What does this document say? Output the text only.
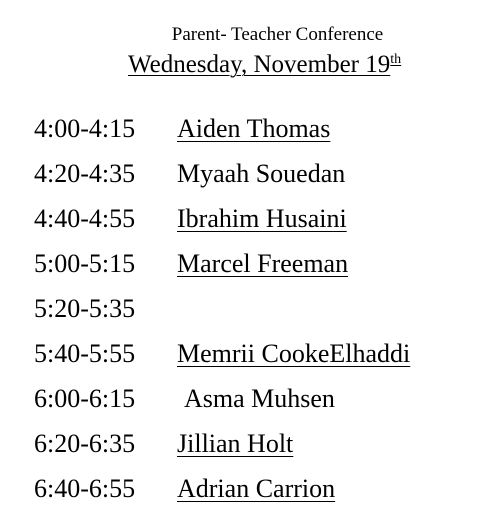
Parent- Teacher Conference
Wednesday, November 19th
4:00-4:15 Aiden Thomas
4:20-4:35 Myaah Souedan
4:40-4:55 Ibrahim Husaini
5:00-5:15 Marcel Freeman
5:20-5:35
5:40-5:55 Memrii CookeElhaddi
6:00-6:15 Asma Muhsen
6:20-6:35 Jillian Holt
6:40-6:55 Adrian Carrion
